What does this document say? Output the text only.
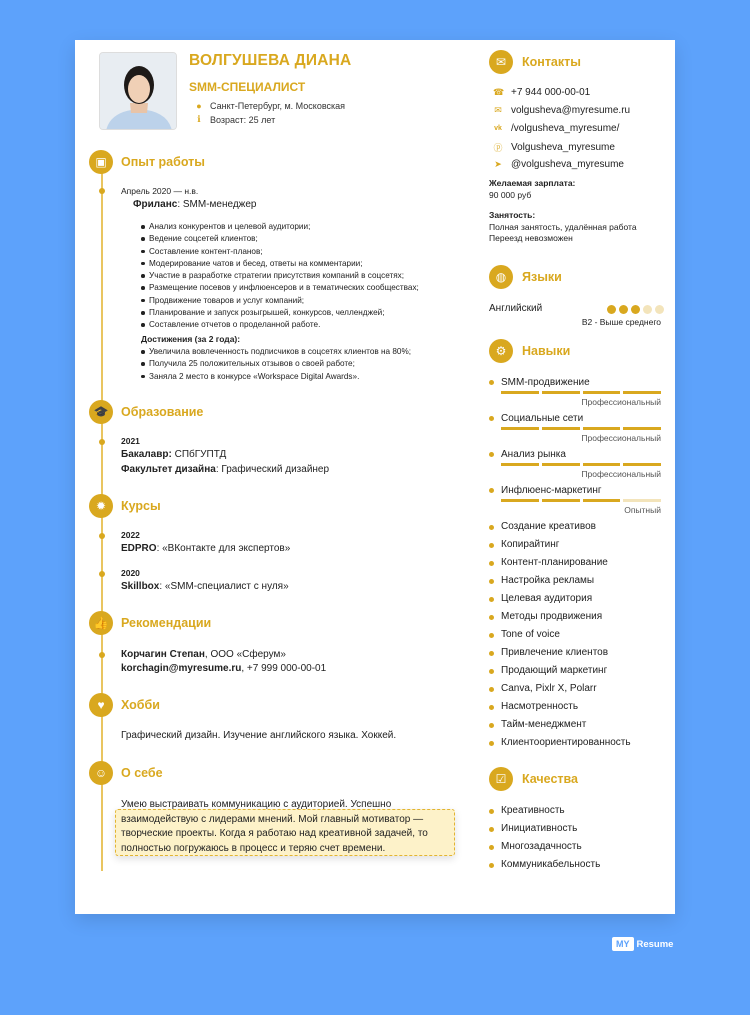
ВОЛГУШЕВА ДИАНА
SMM-СПЕЦИАЛИСТ
● Санкт-Петербург, м. Московская
ℹ Возраст: 25 лет
▣	Опыт работы
Апрель 2020 — н.в.
Фриланс: SMM-менеджер
Анализ конкурентов и целевой аудитории;
Ведение соцсетей клиентов;
Составление контент-планов;
Модерирование чатов и бесед, ответы на комментарии;
Участие в разработке стратегии присутствия компаний в соцсетях;
Размещение посевов у инфлюенсеров и в тематических сообществах;
Продвижение товаров и услуг компаний;
Планирование и запуск розыгрышей, конкурсов, челленджей;
Составление отчетов о проделанной работе.
Достижения (за 2 года):
Увеличила вовлеченность подписчиков в соцсетях клиентов на 80%;
Получила 25 положительных отзывов о своей работе;
Заняла 2 место в конкурсе «Workspace Digital Awards».
🎓	Образование
2021
Бакалавр: СПбГУПТД
Факультет дизайна: Графический дизайнер
✹	Курсы
2022
EDPRO: «ВКонтакте для экспертов»
2020
Skillbox: «SMM-специалист с нуля»
👍	Рекомендации
Корчагин Степан, ООО «Сферум»
korchagin@myresume.ru, +7 999 000-00-01
♥	Хобби
Графический дизайн. Изучение английского языка. Хоккей.
☺	О себе
Умею выстраивать коммуникацию с аудиторией. Успешно взаимодействую с лидерами мнений. Мой главный мотиватор — творческие проекты. Когда я работаю над креативной задачей, то полностью погружаюсь в процесс и теряю счет времени.
✉	Контакты
☎ +7 944 000-00-01
✉ volgusheva@myresume.ru
vk /volgusheva_myresume/
ⓟ Volgusheva_myresume
➤ @volgusheva_myresume
Желаемая зарплата:
90 000 руб
Занятость:
Полная занятость, удалённая работа
Переезд невозможен
◍	Языки
Английский
B2 - Выше среднего
⚙	Навыки
SMM-продвижение
Профессиональный
Социальные сети
Профессиональный
Анализ рынка
Профессиональный
Инфлюенс-маркетинг
Опытный
Создание креативов
Копирайтинг
Контент-планирование
Настройка рекламы
Целевая аудитория
Методы продвижения
Tone of voice
Привлечение клиентов
Продающий маркетинг
Canva, Pixlr X, Polarr
Насмотренность
Тайм-менеджмент
Клиентоориентированность
☑	Качества
Креативность
Инициативность
Многозадачность
Коммуникабельность
MY Resume
